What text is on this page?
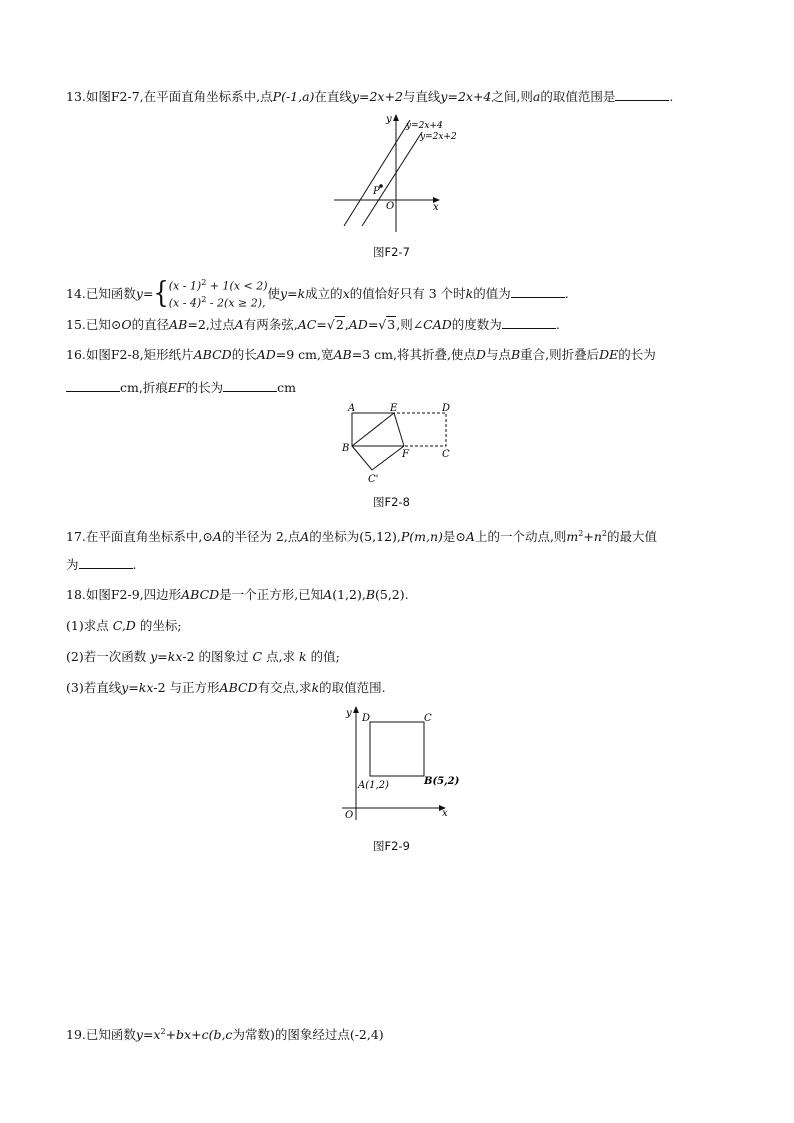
13.如图F2-7,在平面直角坐标系中,点P(-1,a)在直线y=2x+2与直线y=2x+4之间,则a的取值范围是	.
y=2x+4
y=2x+2
x
y
O
P
图F2-7
14.已知函数y={ (x - 1)$^2$ + 1(x < 2)
(x - 4)$^2$ - 2(x ≥ 2),
使y=k成立的x的值恰好只有 3 个时k的值为	.
15.已知⊙O的直径AB=2,过点A有两条弦,AC=√2,AD=√3,则∠CAD的度数为	.
16.如图F2-8,矩形纸片ABCD的长AD=9 cm,宽AB=3 cm,将其折叠,使点D与点B重合,则折叠后DE的长为
cm,折痕EF的长为	cm
A	E	D
B
F	C
C'
图F2-8
17.在平面直角坐标系中,⊙A的半径为 2,点A的坐标为(5,12),P(m,n)是⊙A上的一个动点,则$m^2+n^2$的最大值
为	.
18.如图F2-9,四边形ABCD是一个正方形,已知A(1,2),B(5,2).
(1)求点 C,D 的坐标;
(2)若一次函数 y=kx-2 的图象过 C 点,求 k 的值;
(3)若直线y=kx-2 与正方形ABCD有交点,求k的取值范围.
D	C
A(1,2)	B(5,2)
O	x
y
图F2-9
19.已知函数$y=x^2+bx+c(b,c$为常数)的图象经过点(-2,4)
